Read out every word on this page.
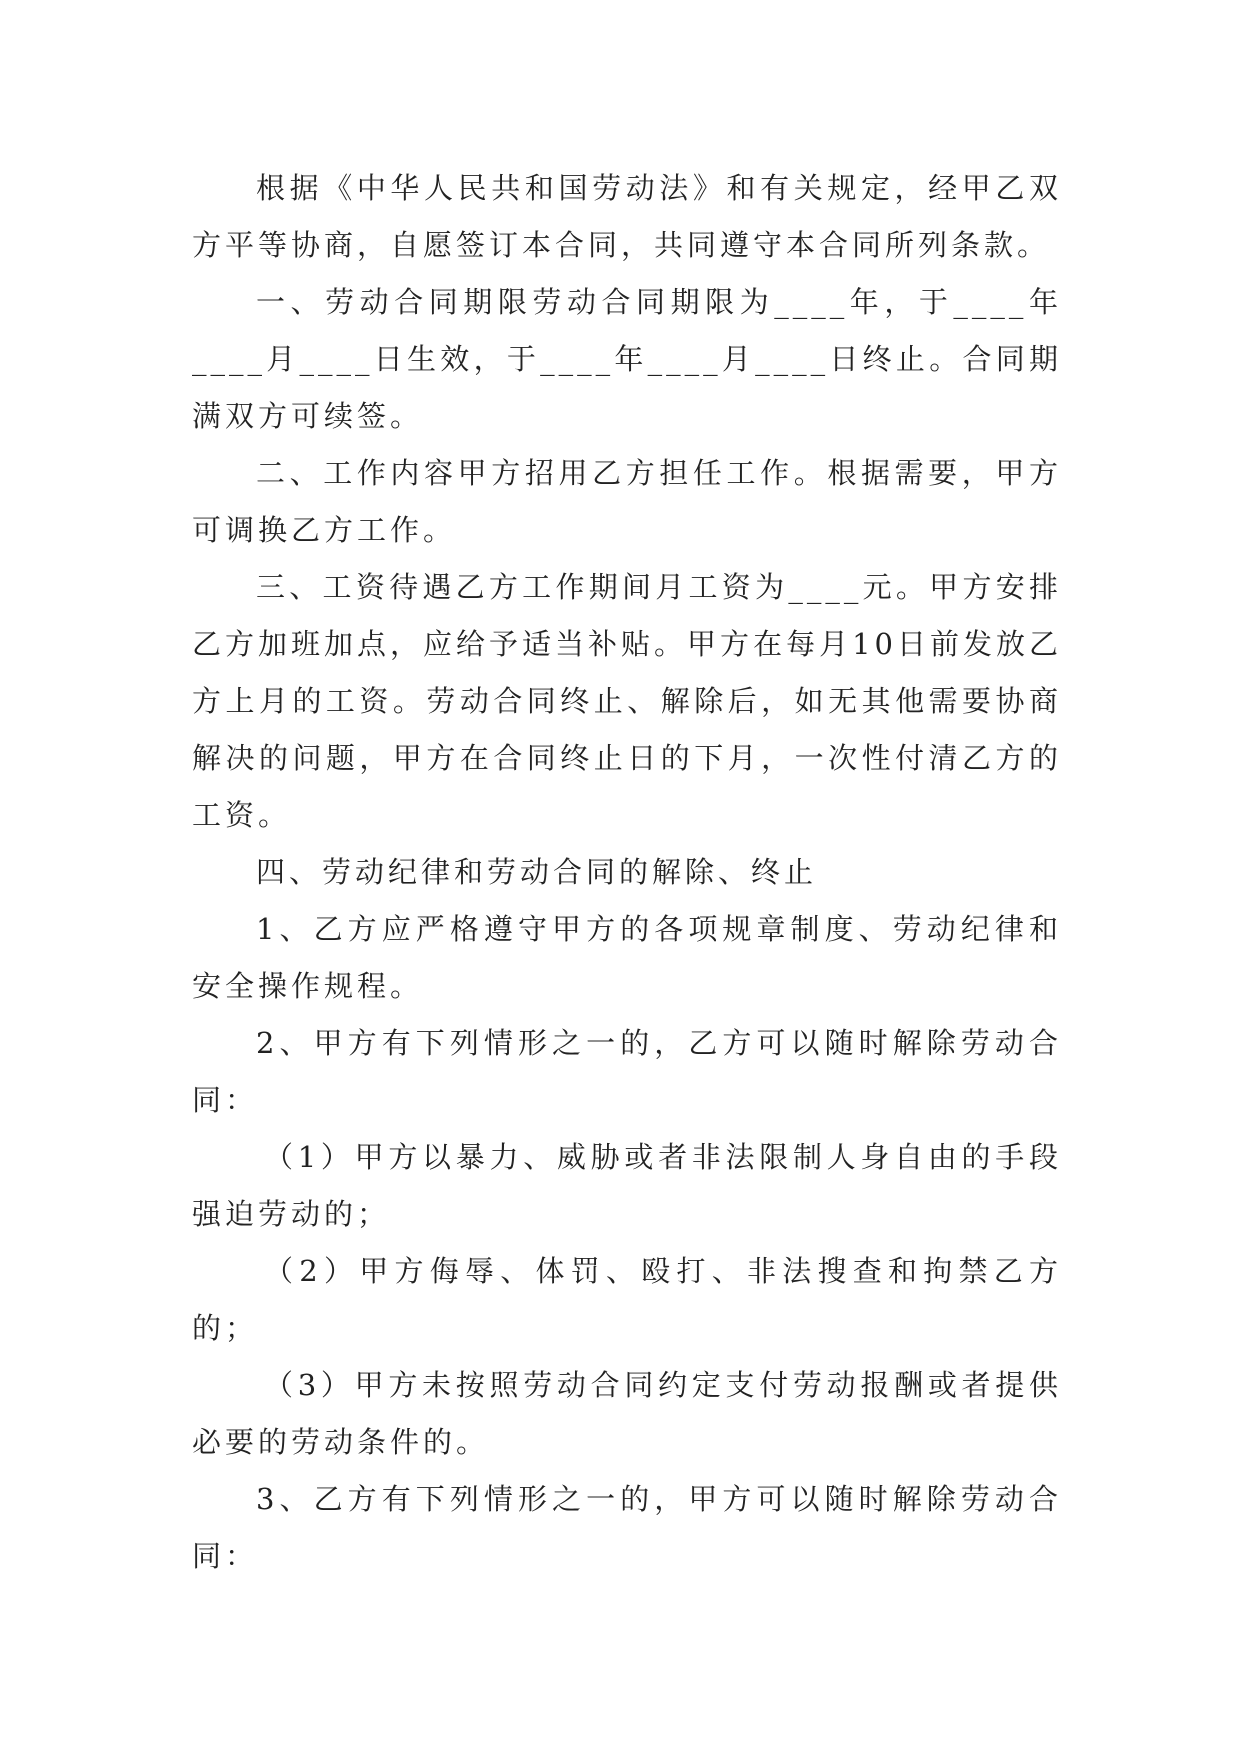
根据《中华人民共和国劳动法》和有关规定，经甲乙双方平等协商，自愿签订本合同，共同遵守本合同所列条款。

一、劳动合同期限劳动合同期限为____年，于____年____月____日生效，于____年____月____日终止。合同期满双方可续签。

二、工作内容甲方招用乙方担任工作。根据需要，甲方可调换乙方工作。

三、工资待遇乙方工作期间月工资为____元。甲方安排乙方加班加点，应给予适当补贴。甲方在每月10日前发放乙方上月的工资。劳动合同终止、解除后，如无其他需要协商解决的问题，甲方在合同终止日的下月，一次性付清乙方的工资。

四、劳动纪律和劳动合同的解除、终止

1、乙方应严格遵守甲方的各项规章制度、劳动纪律和安全操作规程。

2、甲方有下列情形之一的，乙方可以随时解除劳动合同：

（1）甲方以暴力、威胁或者非法限制人身自由的手段强迫劳动的；

（2）甲方侮辱、体罚、殴打、非法搜查和拘禁乙方的；

（3）甲方未按照劳动合同约定支付劳动报酬或者提供必要的劳动条件的。

3、乙方有下列情形之一的，甲方可以随时解除劳动合同：
